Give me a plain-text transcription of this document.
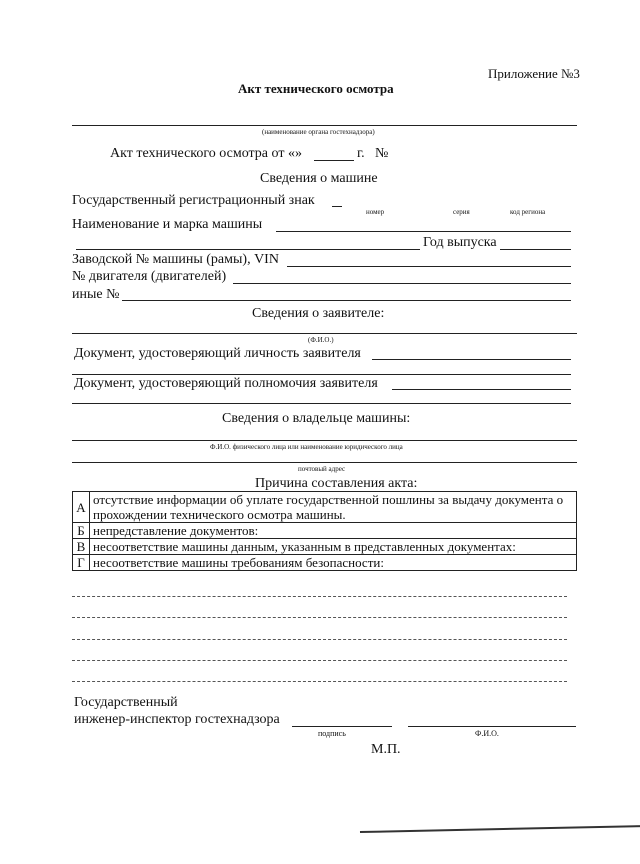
Приложение №3
Акт технического осмотра
(наименование органа гостехнадзора)
Акт технического осмотра от «»	г. №
Сведения о машине
Государственный регистрационный знак
номер	серия	код региона
Наименование и марка машины
Год выпуска
Заводской № машины (рамы), VIN
№ двигателя (двигателей)
иные №
Сведения о заявителе:
(Ф.И.О.)
Документ, удостоверяющий личность заявителя
Документ, удостоверяющий полномочия заявителя
Сведения о владельце машины:
Ф.И.О. физического лица или наименование юридического лица
почтовый адрес
Причина составления акта:
А	отсутствие информации об уплате государственной пошлины за выдачу документа о прохождении технического осмотра машины.
Б	непредставление документов:
В	несоответствие машины данным, указанным в представленных документах:
Г	несоответствие машины требованиям безопасности:
Государственный
инженер-инспектор гостехнадзора
подпись	Ф.И.О.
М.П.
